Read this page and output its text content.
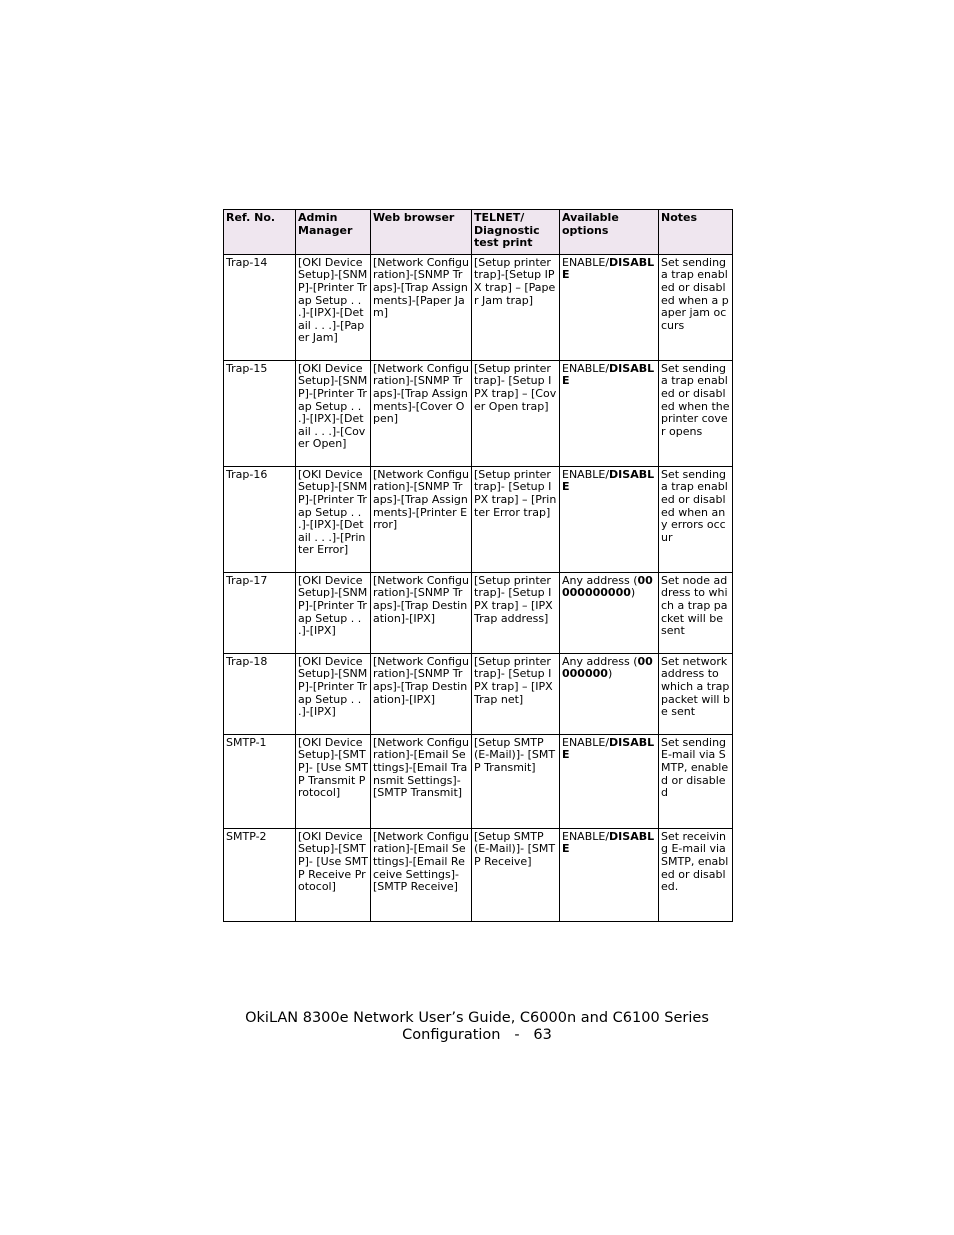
Ref. No.	Admin Manager	Web browser	TELNET/ Diagnostic test print	Available options	Notes
Trap-14	[OKI Device Setup]-[SNMP]-[Printer Trap Setup . . .]-[IPX]-[Detail . . .]-[Paper Jam]	[Network Configuration]-[SNMP Traps]-[Trap Assignments]-[Paper Jam]	[Setup printer trap]-[Setup IPX trap] – [Paper Jam trap]	ENABLE/DISABLE	Set sending a trap enabled or disabled when a paper jam occurs
Trap-15	[OKI Device Setup]-[SNMP]-[Printer Trap Setup . . .]-[IPX]-[Detail . . .]-[Cover Open]	[Network Configuration]-[SNMP Traps]-[Trap Assignments]-[Cover Open]	[Setup printer trap]- [Setup IPX trap] – [Cover Open trap]	ENABLE/DISABLE	Set sending a trap enabled or disabled when the printer cover opens
Trap-16	[OKI Device Setup]-[SNMP]-[Printer Trap Setup . . .]-[IPX]-[Detail . . .]-[Printer Error]	[Network Configuration]-[SNMP Traps]-[Trap Assignments]-[Printer Error]	[Setup printer trap]- [Setup IPX trap] – [Printer Error trap]	ENABLE/DISABLE	Set sending a trap enabled or disabled when any errors occur
Trap-17	[OKI Device Setup]-[SNMP]-[Printer Trap Setup . . .]-[IPX]	[Network Configuration]-[SNMP Traps]-[Trap Destination]-[IPX]	[Setup printer trap]- [Setup IPX trap] – [IPX Trap address]	Any address (00000000000)	Set node address to which a trap packet will be sent
Trap-18	[OKI Device Setup]-[SNMP]-[Printer Trap Setup . . .]-[IPX]	[Network Configuration]-[SNMP Traps]-[Trap Destination]-[IPX]	[Setup printer trap]- [Setup IPX trap] – [IPX Trap net]	Any address (00000000)	Set network address to which a trap packet will be sent
SMTP-1	[OKI Device Setup]-[SMTP]- [Use SMTP Transmit Protocol]	[Network Configuration]-[Email Settings]-[Email Transmit Settings]- [SMTP Transmit]	[Setup SMTP (E-Mail)]- [SMTP Transmit]	ENABLE/DISABLE	Set sending E-mail via SMTP, enabled or disabled
SMTP-2	[OKI Device Setup]-[SMTP]- [Use SMTP Receive Protocol]	[Network Configuration]-[Email Settings]-[Email Receive Settings]- [SMTP Receive]	[Setup SMTP (E-Mail)]- [SMTP Receive]	ENABLE/DISABLE	Set receiving E-mail via SMTP, enabled or disabled.
OkiLAN 8300e Network User’s Guide, C6000n and C6100 Series
Configuration - 63
